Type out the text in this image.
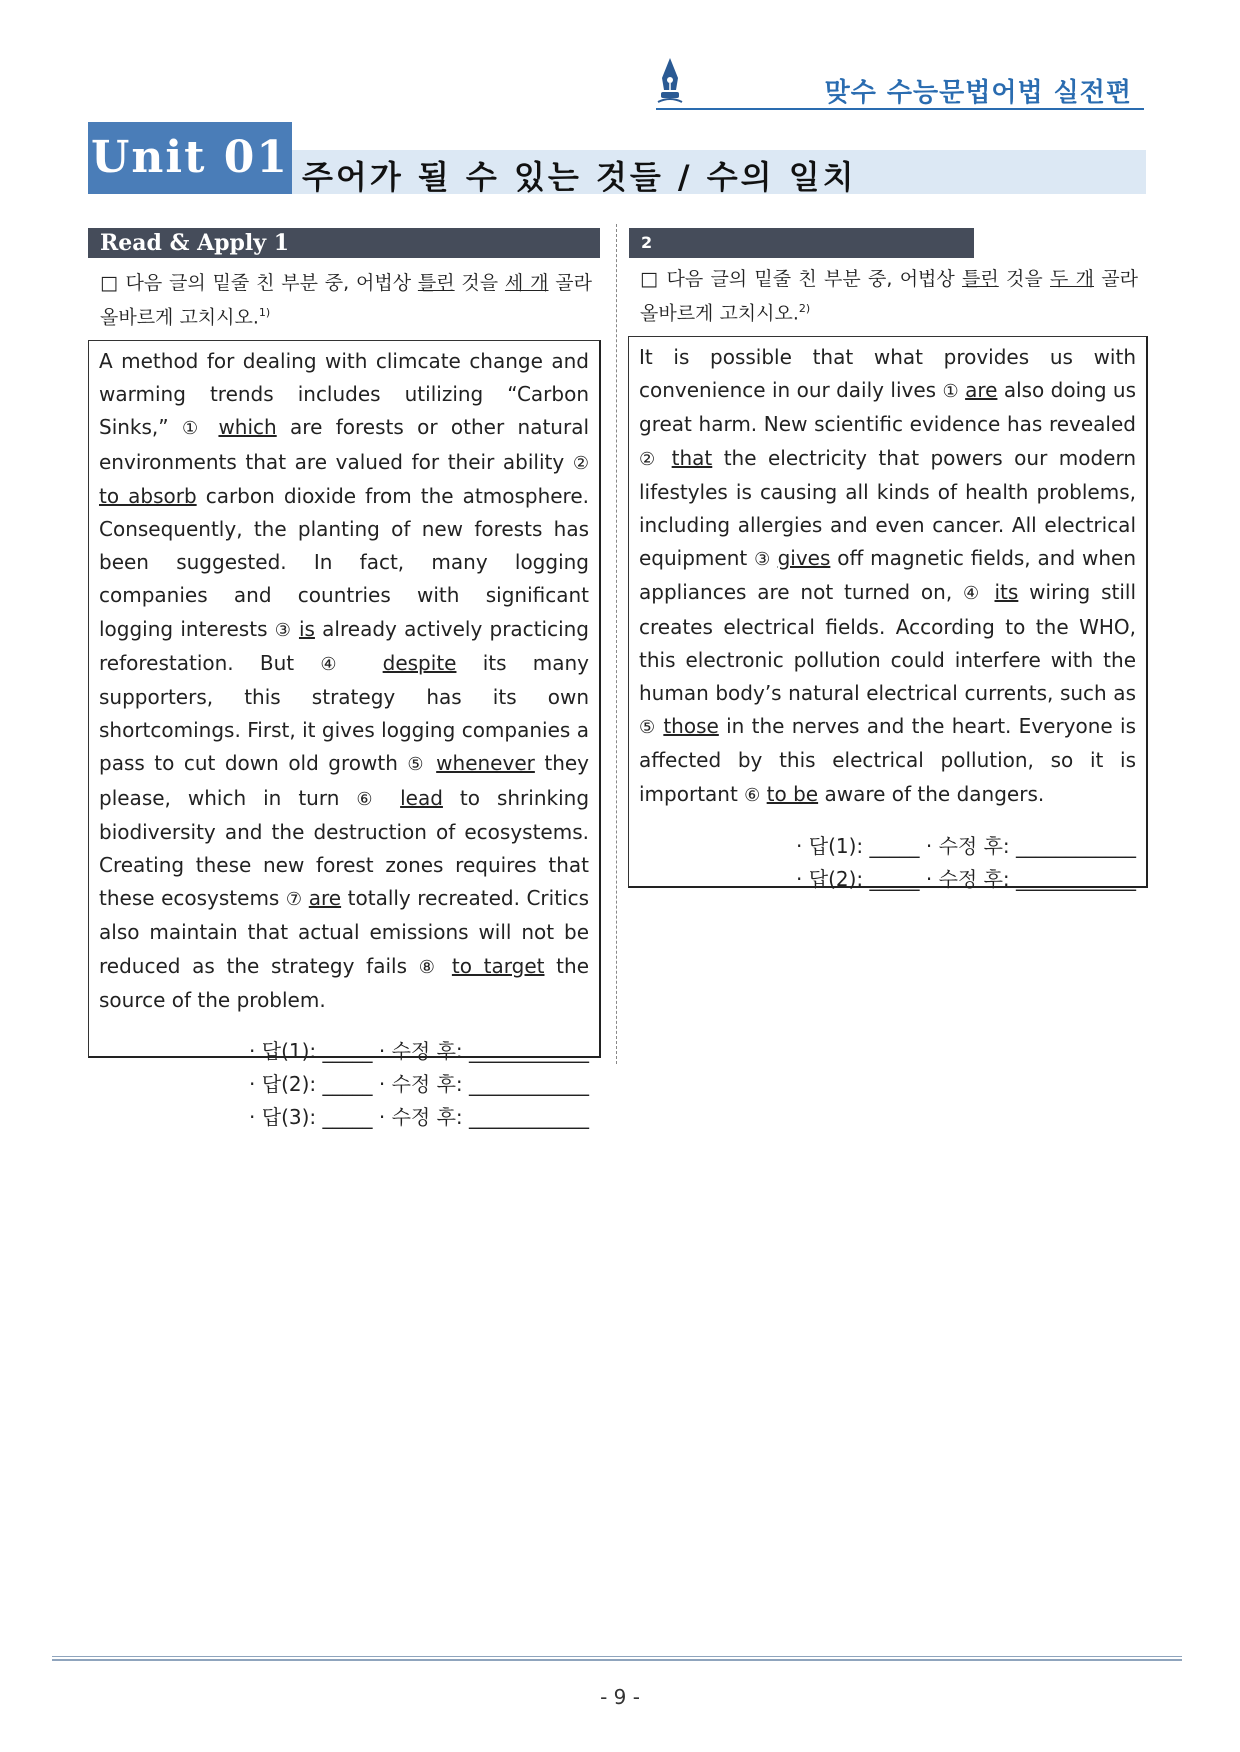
맞수 수능문법어법 실전편
Unit 01 주어가 될 수 있는 것들 / 수의 일치
Read & Apply 1
□ 다음 글의 밑줄 친 부분 중, 어법상 틀린 것을 세 개 골라 올바르게 고치시오.$^{1)}$
A method for dealing with climcate change and warming trends includes utilizing “Carbon Sinks,” ① which are forests or other natural environments that are valued for their ability ② to absorb carbon dioxide from the atmosphere. Consequently, the planting of new forests has been suggested. In fact, many logging companies and countries with significant logging interests ③ is already actively practicing reforestation. But ④ despite its many supporters, this strategy has its own shortcomings. First, it gives logging companies a pass to cut down old growth ⑤ whenever they please, which in turn ⑥ lead to shrinking biodiversity and the destruction of ecosystems. Creating these new forest zones requires that these ecosystems ⑦ are totally recreated. Critics also maintain that actual emissions will not be reduced as the strategy fails ⑧ to target the source of the problem.
· 답(1): _____ · 수정 후: ____________
· 답(2): _____ · 수정 후: ____________
· 답(3): _____ · 수정 후: ____________
2
□ 다음 글의 밑줄 친 부분 중, 어법상 틀린 것을 두 개 골라 올바르게 고치시오.$^{2)}$
It is possible that what provides us with convenience in our daily lives ① are also doing us great harm. New scientific evidence has revealed ② that the electricity that powers our modern lifestyles is causing all kinds of health problems, including allergies and even cancer. All electrical equipment ③ gives off magnetic fields, and when appliances are not turned on, ④ its wiring still creates electrical fields. According to the WHO, this electronic pollution could interfere with the human body’s natural electrical currents, such as ⑤ those in the nerves and the heart. Everyone is affected by this electrical pollution, so it is important ⑥ to be aware of the dangers.
· 답(1): _____ · 수정 후: ____________
· 답(2): _____ · 수정 후: ____________
- 9 -
